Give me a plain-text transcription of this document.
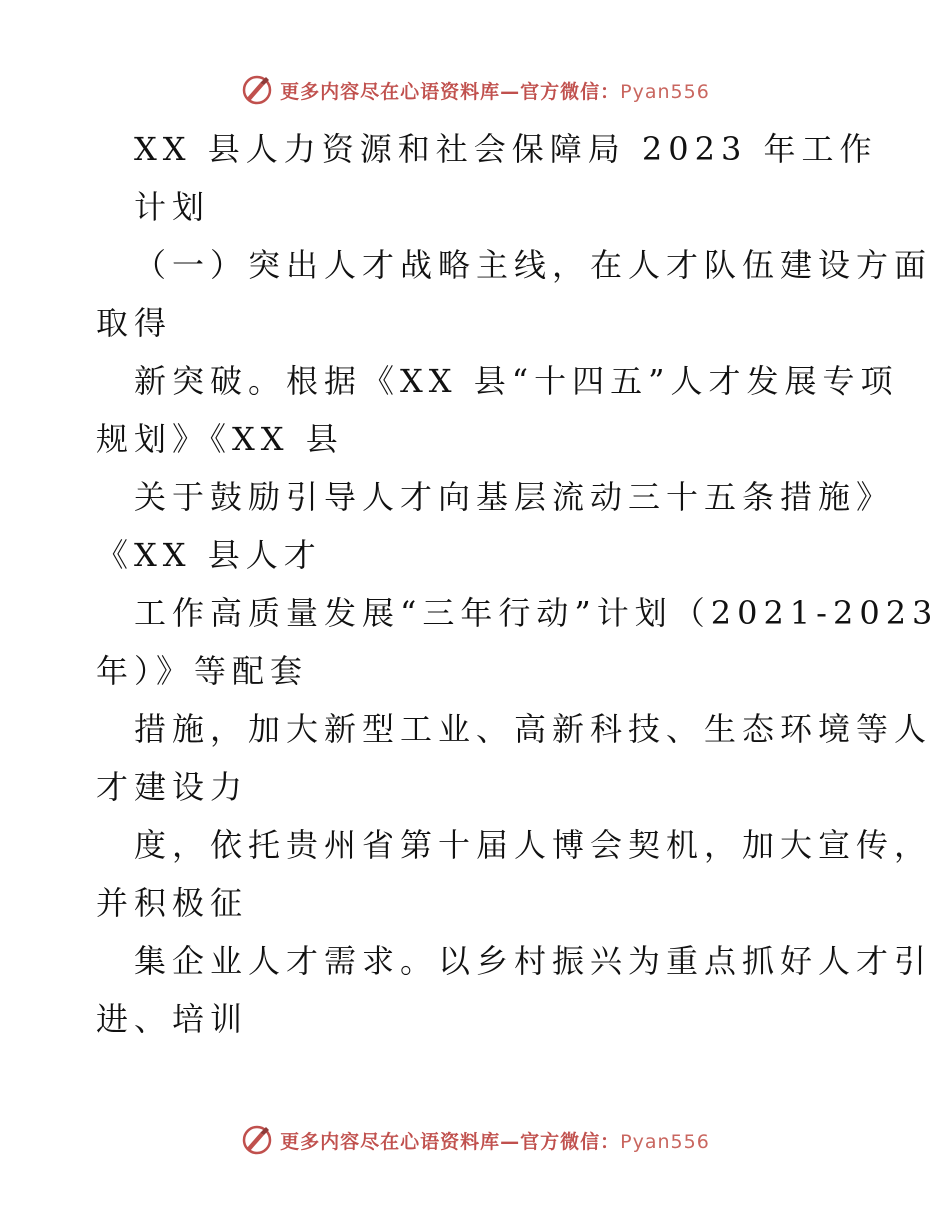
更多内容尽在心语资料库—官方微信：Pyan556
XX 县人力资源和社会保障局 2023 年工作
计划
（一）突出人才战略主线，在人才队伍建设方面
取得
新突破。根据《XX 县“十四五”人才发展专项
规划》《XX 县
关于鼓励引导人才向基层流动三十五条措施》
《XX 县人才
工作高质量发展“三年行动”计划（2021-2023
年）》等配套
措施，加大新型工业、高新科技、生态环境等人
才建设力
度，依托贵州省第十届人博会契机，加大宣传，
并积极征
集企业人才需求。以乡村振兴为重点抓好人才引
进、培训
更多内容尽在心语资料库—官方微信：Pyan556
